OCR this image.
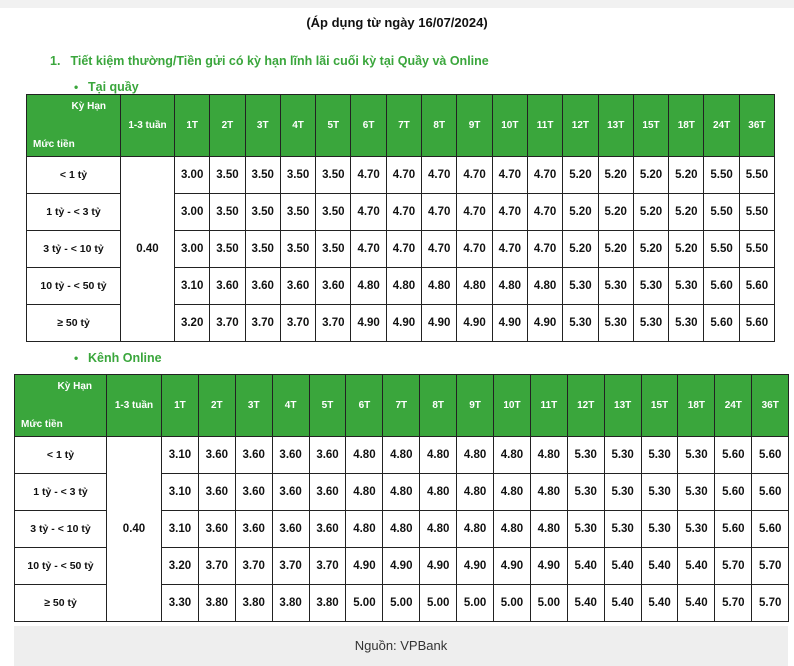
(Áp dụng từ ngày 16/07/2024)
1. Tiết kiệm thường/Tiền gửi có kỳ hạn lĩnh lãi cuối kỳ tại Quầy và Online
• Tại quầy
Kỳ Hạn
Mức tiền	1-3 tuần	1T	2T	3T	4T	5T	6T	7T	8T	9T	10T	11T	12T	13T	15T	18T	24T	36T
< 1 tỷ	0.40	3.00	3.50	3.50	3.50	3.50	4.70	4.70	4.70	4.70	4.70	4.70	5.20	5.20	5.20	5.20	5.50	5.50
1 tỷ - < 3 tỷ		3.00	3.50	3.50	3.50	3.50	4.70	4.70	4.70	4.70	4.70	4.70	5.20	5.20	5.20	5.20	5.50	5.50
3 tỷ - < 10 tỷ		3.00	3.50	3.50	3.50	3.50	4.70	4.70	4.70	4.70	4.70	4.70	5.20	5.20	5.20	5.20	5.50	5.50
10 tỷ - < 50 tỷ		3.10	3.60	3.60	3.60	3.60	4.80	4.80	4.80	4.80	4.80	4.80	5.30	5.30	5.30	5.30	5.60	5.60
≥ 50 tỷ		3.20	3.70	3.70	3.70	3.70	4.90	4.90	4.90	4.90	4.90	4.90	5.30	5.30	5.30	5.30	5.60	5.60
• Kênh Online
Kỳ Hạn
Mức tiền	1-3 tuần	1T	2T	3T	4T	5T	6T	7T	8T	9T	10T	11T	12T	13T	15T	18T	24T	36T
< 1 tỷ	0.40	3.10	3.60	3.60	3.60	3.60	4.80	4.80	4.80	4.80	4.80	4.80	5.30	5.30	5.30	5.30	5.60	5.60
1 tỷ - < 3 tỷ		3.10	3.60	3.60	3.60	3.60	4.80	4.80	4.80	4.80	4.80	4.80	5.30	5.30	5.30	5.30	5.60	5.60
3 tỷ - < 10 tỷ		3.10	3.60	3.60	3.60	3.60	4.80	4.80	4.80	4.80	4.80	4.80	5.30	5.30	5.30	5.30	5.60	5.60
10 tỷ - < 50 tỷ		3.20	3.70	3.70	3.70	3.70	4.90	4.90	4.90	4.90	4.90	4.90	5.40	5.40	5.40	5.40	5.70	5.70
≥ 50 tỷ		3.30	3.80	3.80	3.80	3.80	5.00	5.00	5.00	5.00	5.00	5.00	5.40	5.40	5.40	5.40	5.70	5.70
Nguồn: VPBank
